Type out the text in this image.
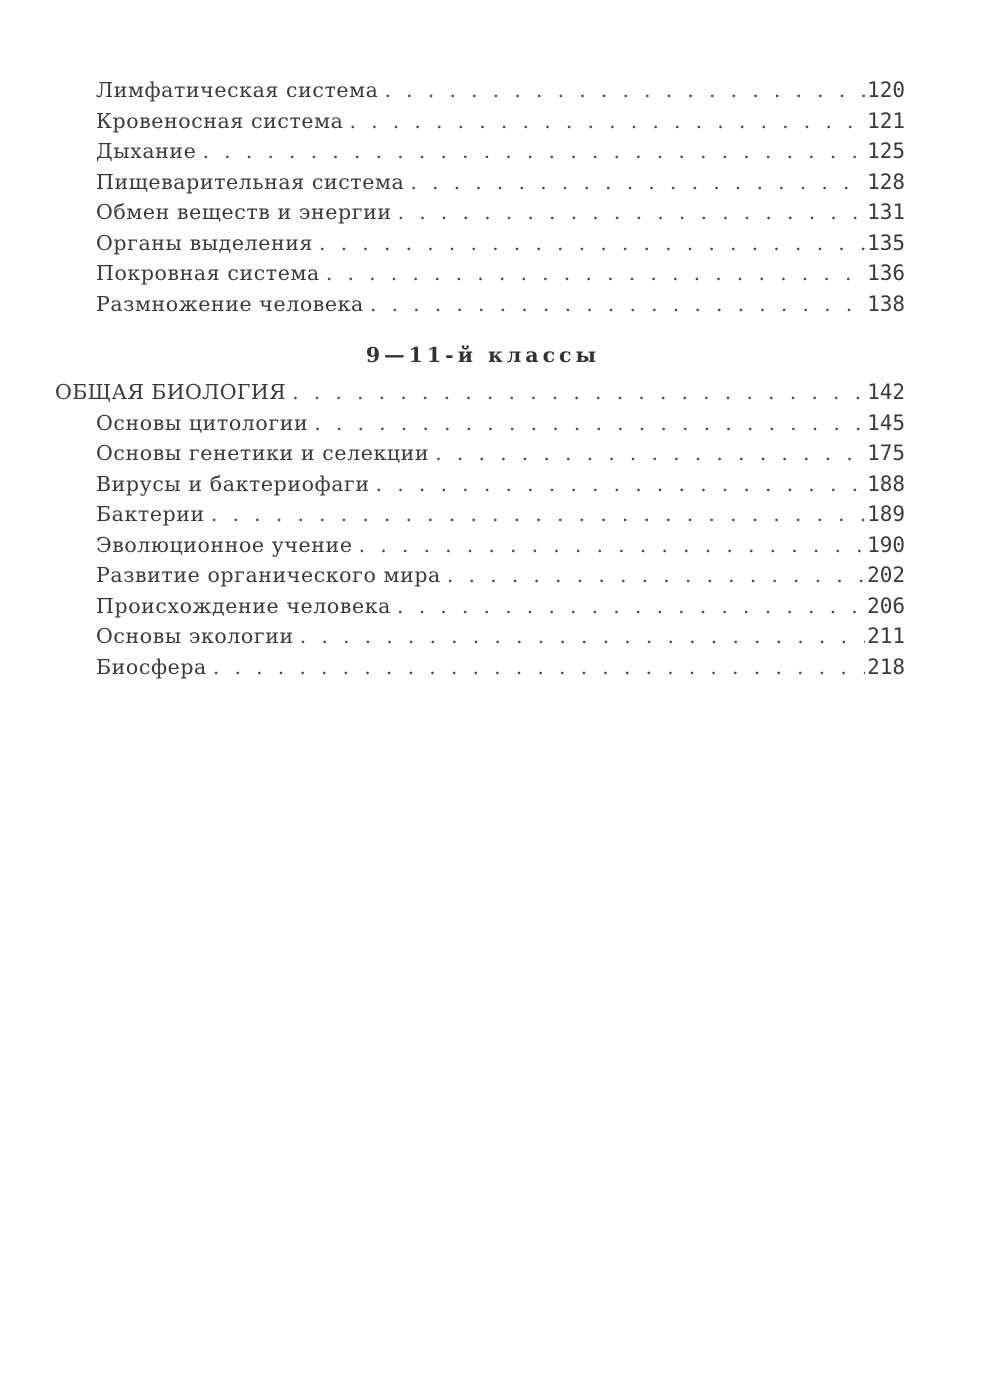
Лимфатическая система . . .	120
Кровеносная система . . .	121
Дыхание . . .	125
Пищеварительная система . . .	128
Обмен веществ и энергии . . .	131
Органы выделения . . .	135
Покровная система . . .	136
Размножение человека . . .	138
9—11-й классы
ОБЩАЯ БИОЛОГИЯ . . .	142
Основы цитологии . . .	145
Основы генетики и селекции . . .	175
Вирусы и бактериофаги . . .	188
Бактерии . . .	189
Эволюционное учение . . .	190
Развитие органического мира . . .	202
Происхождение человека . . .	206
Основы экологии . . .	211
Биосфера . . .	218
